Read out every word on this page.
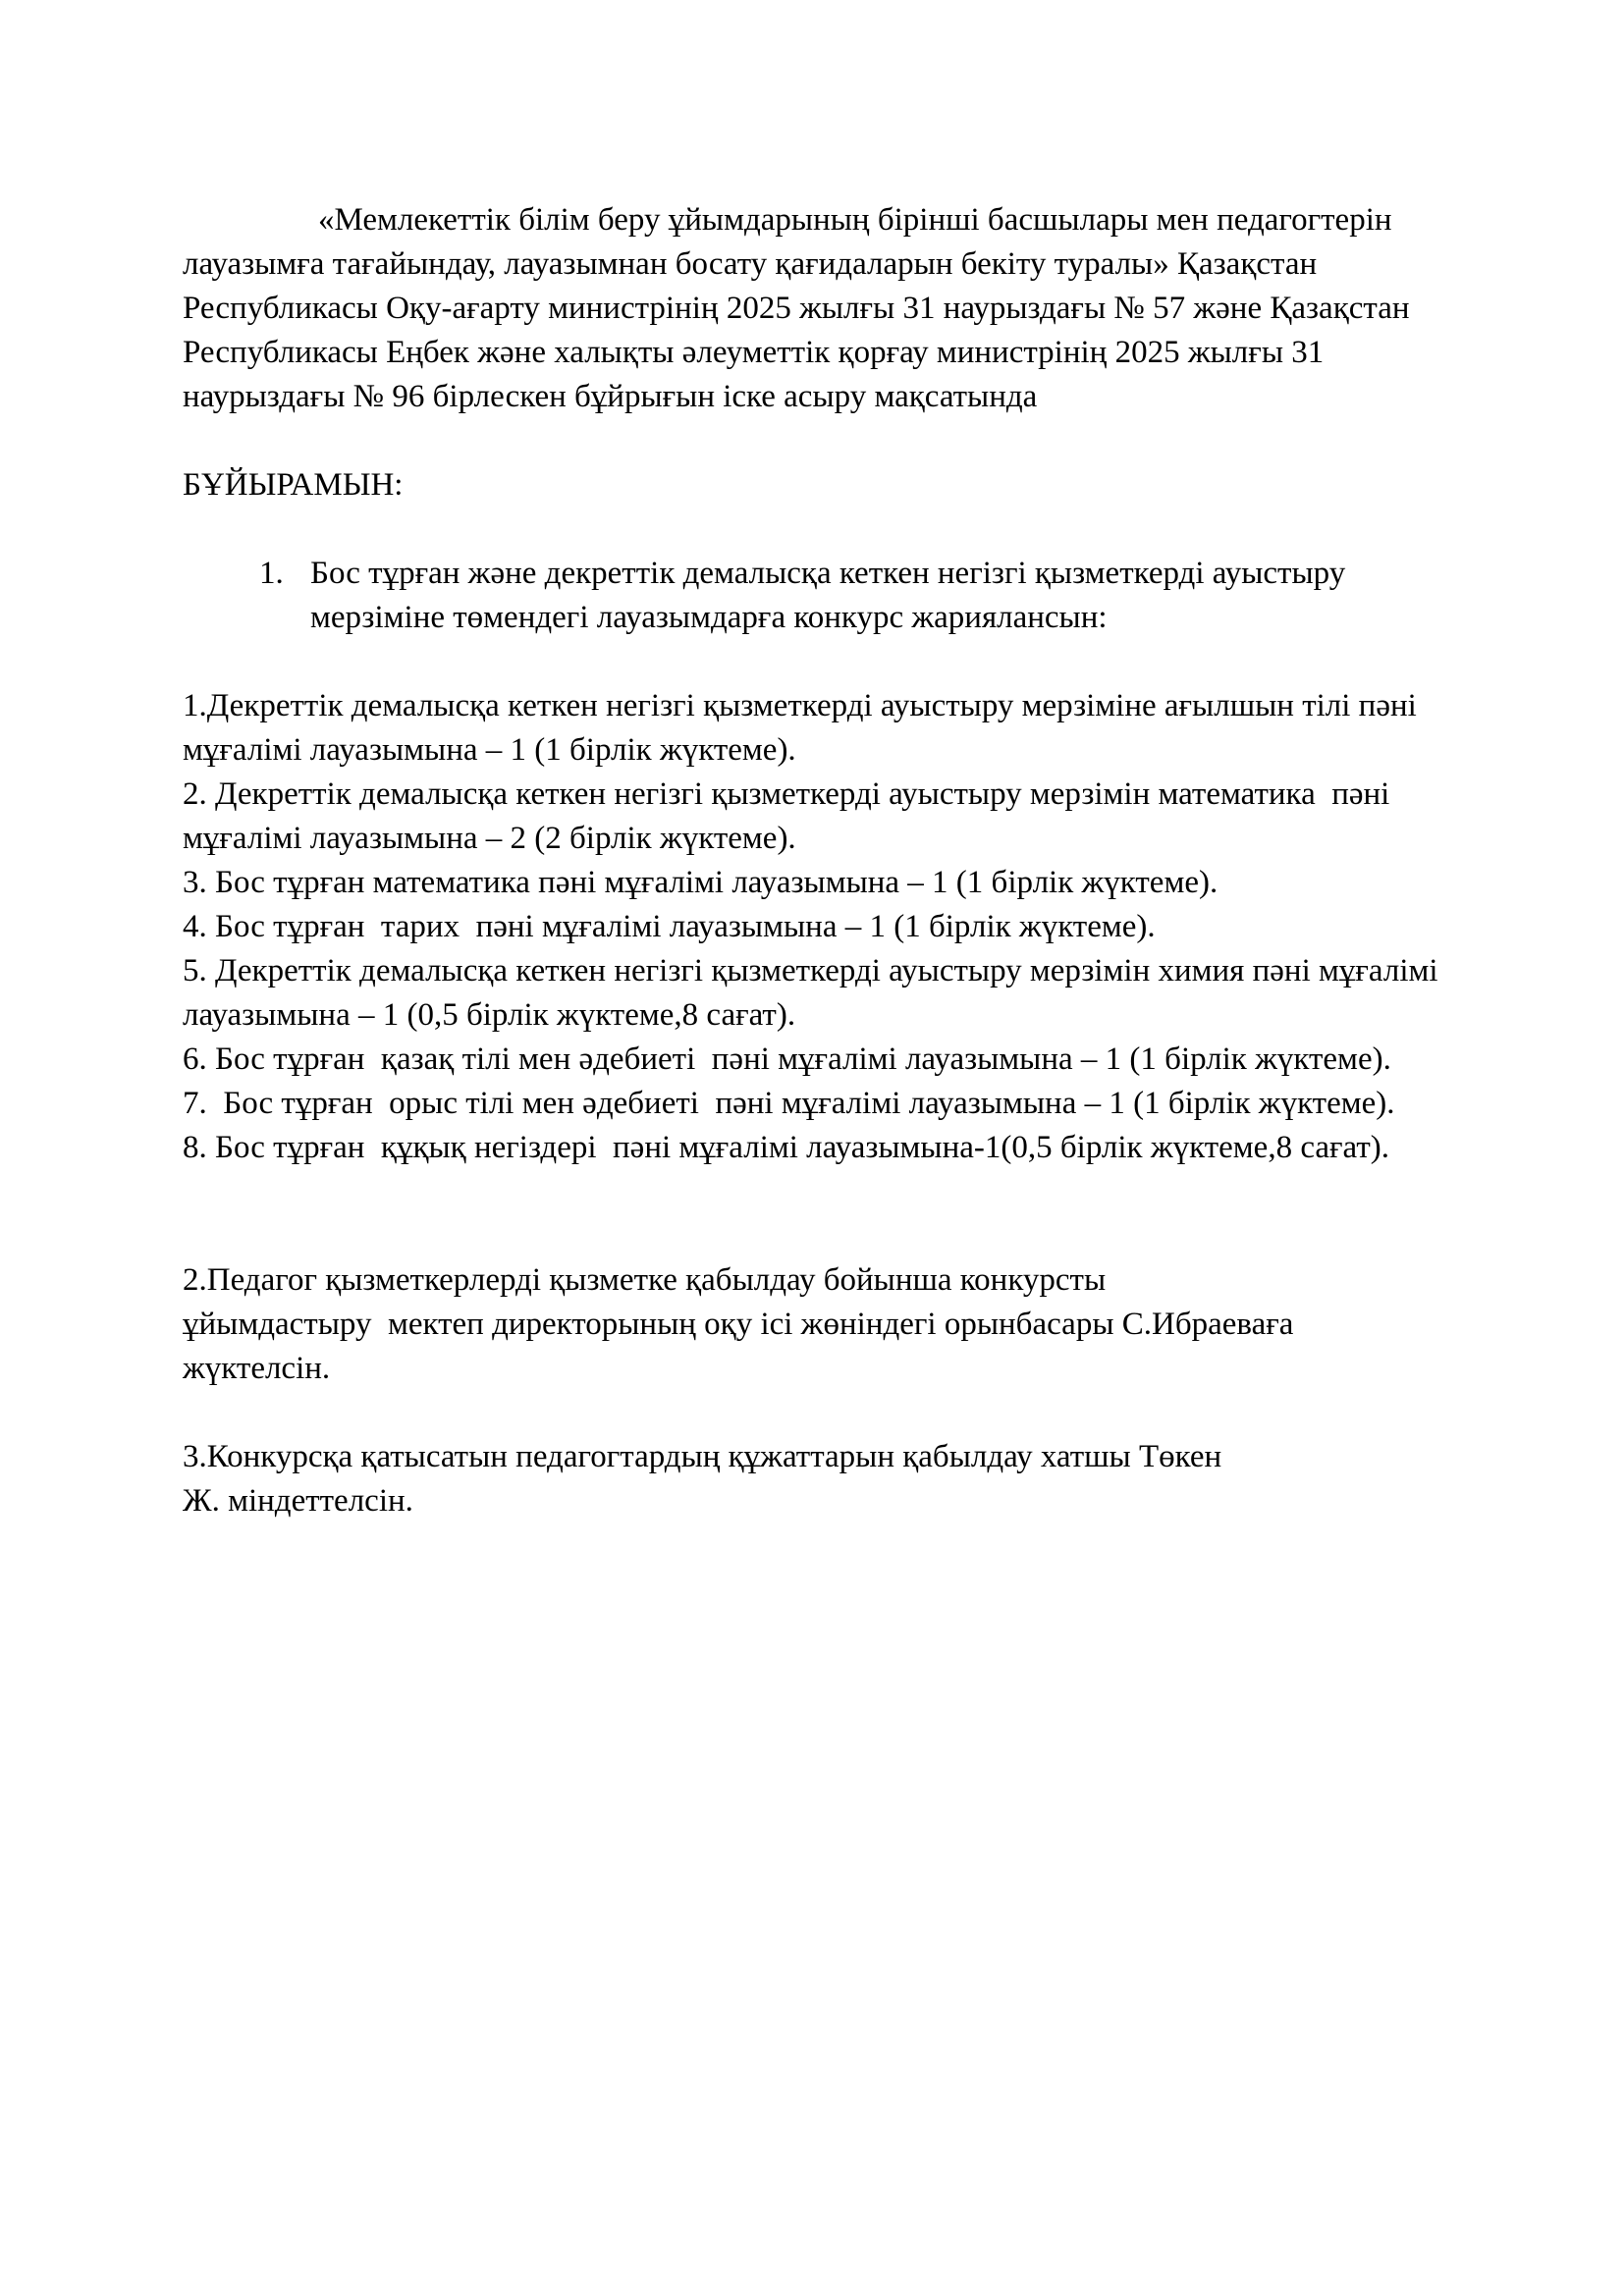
«Мемлекеттік білім беру ұйымдарының бірінші басшылары мен педагогтерін лауазымға тағайындау, лауазымнан босату қағидаларын бекіту туралы» Қазақстан Республикасы Оқу-ағарту министрінің 2025 жылғы 31 наурыздағы № 57 және Қазақстан Республикасы Еңбек және халықты әлеуметтік қорғау министрінің 2025 жылғы 31 наурыздағы № 96 бірлескен бұйрығын іске асыру мақсатында

БҰЙЫРАМЫН:

1. Бос тұрған және декреттік демалысқа кеткен негізгі қызметкерді ауыстыру мерзіміне төмендегі лауазымдарға конкурс жариялансын:

1.Декреттік демалысқа кеткен негізгі қызметкерді ауыстыру мерзіміне ағылшын тілі пәні мұғалімі лауазымына – 1 (1 бірлік жүктеме).

2. Декреттік демалысқа кеткен негізгі қызметкерді ауыстыру мерзімін математика  пәні мұғалімі лауазымына – 2 (2 бірлік жүктеме).

3. Бос тұрған математика пәні мұғалімі лауазымына – 1 (1 бірлік жүктеме).

4. Бос тұрған  тарих  пәні мұғалімі лауазымына – 1 (1 бірлік жүктеме).

5. Декреттік демалысқа кеткен негізгі қызметкерді ауыстыру мерзімін химия пәні мұғалімі лауазымына – 1 (0,5 бірлік жүктеме,8 сағат).

6. Бос тұрған  қазақ тілі мен әдебиеті  пәні мұғалімі лауазымына – 1 (1 бірлік жүктеме).

7.  Бос тұрған  орыс тілі мен әдебиеті  пәні мұғалімі лауазымына – 1 (1 бірлік жүктеме).

8. Бос тұрған  құқық негіздері  пәні мұғалімі лауазымына-1(0,5 бірлік жүктеме,8 сағат).

2.Педагог қызметкерлерді қызметке қабылдау бойынша конкурсты ұйымдастыру  мектеп директорының оқу ісі жөніндегі орынбасары С.Ибраеваға жүктелсін.

3.Конкурсқа қатысатын педагогтардың құжаттарын қабылдау хатшы Төкен Ж. міндеттелсін.
